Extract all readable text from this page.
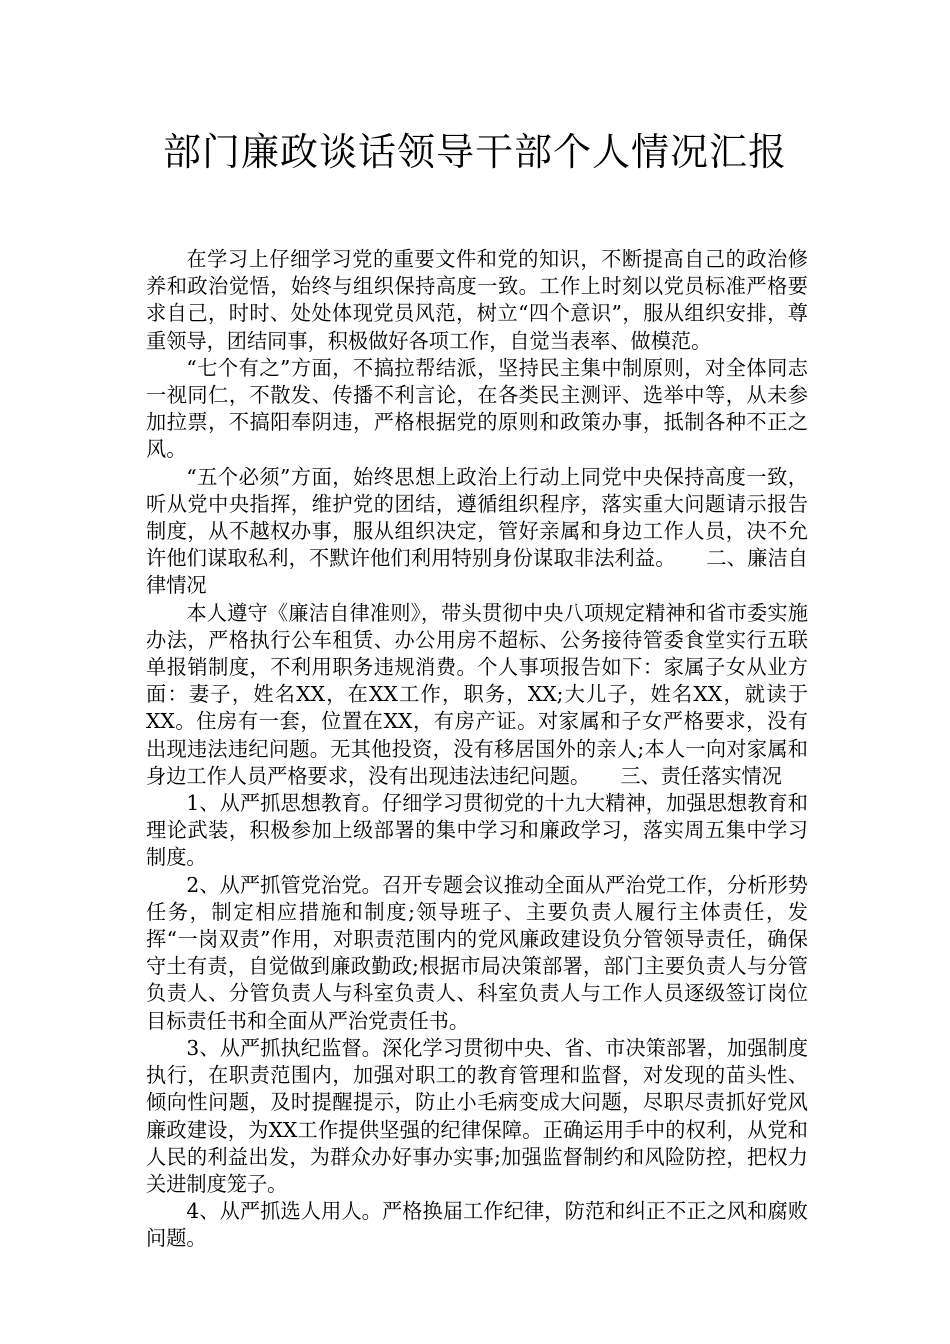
部门廉政谈话领导干部个人情况汇报

在学习上仔细学习党的重要文件和党的知识，不断提高自己的政治修养和政治觉悟，始终与组织保持高度一致。工作上时刻以党员标准严格要求自己，时时、处处体现党员风范，树立“四个意识”，服从组织安排，尊重领导，团结同事，积极做好各项工作，自觉当表率、做模范。

“七个有之”方面，不搞拉帮结派，坚持民主集中制原则，对全体同志一视同仁，不散发、传播不利言论，在各类民主测评、选举中等，从未参加拉票，不搞阳奉阴违，严格根据党的原则和政策办事，抵制各种不正之风。

“五个必须”方面，始终思想上政治上行动上同党中央保持高度一致，听从党中央指挥，维护党的团结，遵循组织程序，落实重大问题请示报告制度，从不越权办事，服从组织决定，管好亲属和身边工作人员，决不允许他们谋取私利，不默许他们利用特别身份谋取非法利益。　　二、廉洁自律情况

本人遵守《廉洁自律准则》，带头贯彻中央八项规定精神和省市委实施办法，严格执行公车租赁、办公用房不超标、公务接待管委食堂实行五联单报销制度，不利用职务违规消费。个人事项报告如下：家属子女从业方面：妻子，姓名XX，在XX工作，职务，XX;大儿子，姓名XX，就读于XX。住房有一套，位置在XX，有房产证。对家属和子女严格要求，没有出现违法违纪问题。无其他投资，没有移居国外的亲人;本人一向对家属和身边工作人员严格要求，没有出现违法违纪问题。　　三、责任落实情况

1、从严抓思想教育。仔细学习贯彻党的十九大精神，加强思想教育和理论武装，积极参加上级部署的集中学习和廉政学习，落实周五集中学习制度。

2、从严抓管党治党。召开专题会议推动全面从严治党工作，分析形势任务，制定相应措施和制度;领导班子、主要负责人履行主体责任，发挥“一岗双责”作用，对职责范围内的党风廉政建设负分管领导责任，确保守土有责，自觉做到廉政勤政;根据市局决策部署，部门主要负责人与分管负责人、分管负责人与科室负责人、科室负责人与工作人员逐级签订岗位目标责任书和全面从严治党责任书。

3、从严抓执纪监督。深化学习贯彻中央、省、市决策部署，加强制度执行，在职责范围内，加强对职工的教育管理和监督，对发现的苗头性、倾向性问题，及时提醒提示，防止小毛病变成大问题，尽职尽责抓好党风廉政建设，为XX工作提供坚强的纪律保障。正确运用手中的权利，从党和人民的利益出发，为群众办好事办实事;加强监督制约和风险防控，把权力关进制度笼子。

4、从严抓选人用人。严格换届工作纪律，防范和纠正不正之风和腐败问题。
